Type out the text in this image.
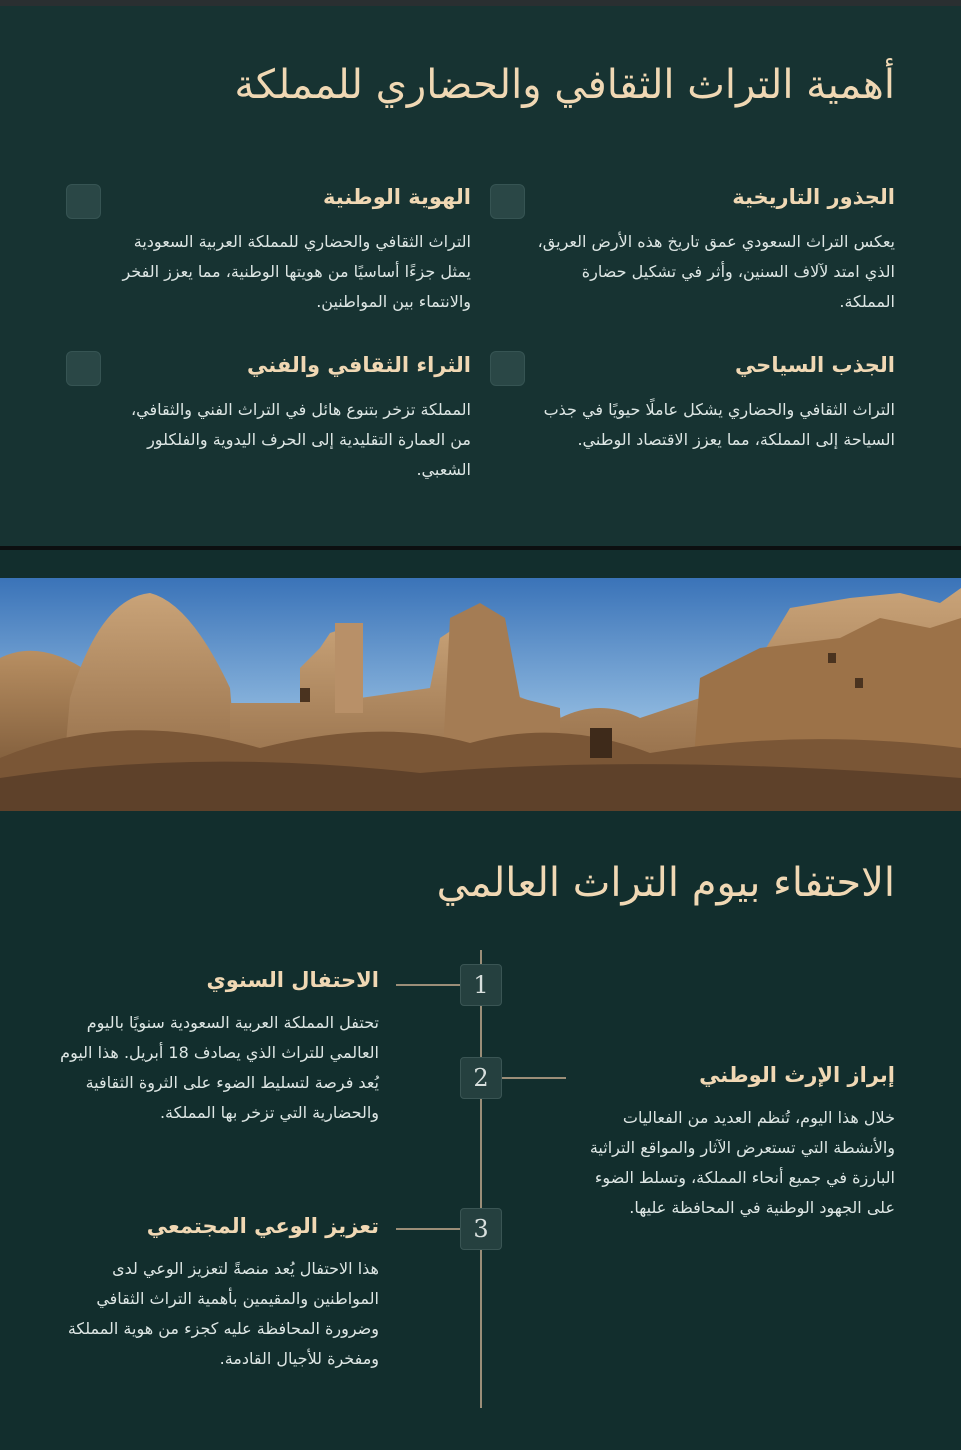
أهمية التراث الثقافي والحضاري للمملكة
الجذور التاريخية

يعكس التراث السعودي عمق تاريخ هذه الأرض العريق، الذي امتد لآلاف السنين، وأثر في تشكيل حضارة المملكة.

الهوية الوطنية

التراث الثقافي والحضاري للمملكة العربية السعودية يمثل جزءًا أساسيًا من هويتها الوطنية، مما يعزز الفخر والانتماء بين المواطنين.

الجذب السياحي

التراث الثقافي والحضاري يشكل عاملًا حيويًا في جذب السياحة إلى المملكة، مما يعزز الاقتصاد الوطني.

الثراء الثقافي والفني

المملكة تزخر بتنوع هائل في التراث الفني والثقافي، من العمارة التقليدية إلى الحرف اليدوية والفلكلور الشعبي.

الاحتفاء بيوم التراث العالمي
1
2
3
الاحتفال السنوي

تحتفل المملكة العربية السعودية سنويًا باليوم العالمي للتراث الذي يصادف 18 أبريل. هذا اليوم يُعد فرصة لتسليط الضوء على الثروة الثقافية والحضارية التي تزخر بها المملكة.

إبراز الإرث الوطني

خلال هذا اليوم، تُنظم العديد من الفعاليات والأنشطة التي تستعرض الآثار والمواقع التراثية البارزة في جميع أنحاء المملكة، وتسلط الضوء على الجهود الوطنية في المحافظة عليها.

تعزيز الوعي المجتمعي

هذا الاحتفال يُعد منصةً لتعزيز الوعي لدى المواطنين والمقيمين بأهمية التراث الثقافي وضرورة المحافظة عليه كجزء من هوية المملكة ومفخرة للأجيال القادمة.
